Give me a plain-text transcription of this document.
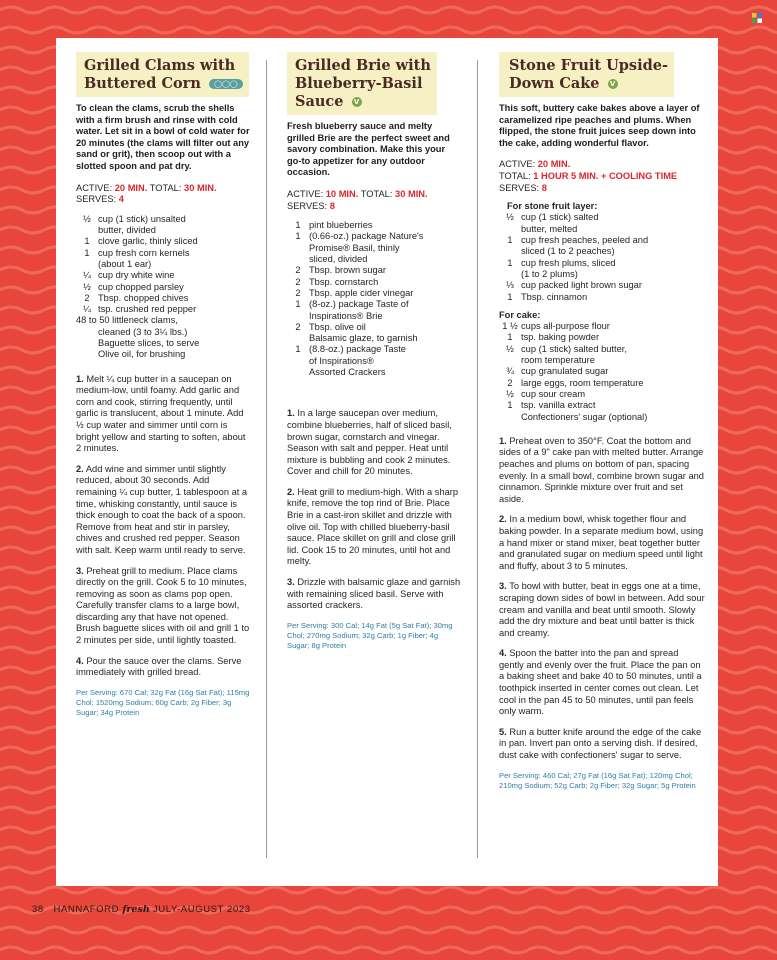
Grilled Clams with
Buttered Corn ◯◯◯
To clean the clams, scrub the shells with a firm brush and rinse with cold water. Let sit in a bowl of cold water for 20 minutes (the clams will filter out any sand or grit), then scoop out with a slotted spoon and pat dry.
ACTIVE: 20 MIN. TOTAL: 30 MIN.
SERVES: 4
½ cup (1 stick) unsalted
butter, divided
1 clove garlic, thinly sliced
1 cup fresh corn kernels
(about 1 ear)
¼ cup dry white wine
½ cup chopped parsley
2 Tbsp. chopped chives
¼ tsp. crushed red pepper
48 to 50 littleneck clams,
cleaned (3 to 3¼ lbs.)
Baguette slices, to serve
Olive oil, for brushing
1. Melt ¼ cup butter in a saucepan on medium-low, until foamy. Add garlic and corn and cook, stirring frequently, until garlic is translucent, about 1 minute. Add ½ cup water and simmer until corn is bright yellow and starting to soften, about 2 minutes.
2. Add wine and simmer until slightly reduced, about 30 seconds. Add remaining ¼ cup butter, 1 tablespoon at a time, whisking constantly, until sauce is thick enough to coat the back of a spoon. Remove from heat and stir in parsley, chives and crushed red pepper. Season with salt. Keep warm until ready to serve.
3. Preheat grill to medium. Place clams directly on the grill. Cook 5 to 10 minutes, removing as soon as clams pop open. Carefully transfer clams to a large bowl, discarding any that have not opened. Brush baguette slices with oil and grill 1 to 2 minutes per side, until lightly toasted.
4. Pour the sauce over the clams. Serve immediately with grilled bread.
Per Serving: 670 Cal; 32g Fat (16g Sat Fat); 115mg Chol; 1520mg Sodium; 60g Carb; 2g Fiber; 3g Sugar; 34g Protein
Grilled Brie with
Blueberry-Basil
Sauce V
Fresh blueberry sauce and melty grilled Brie are the perfect sweet and savory combination. Make this your go-to appetizer for any outdoor occasion.
ACTIVE: 10 MIN. TOTAL: 30 MIN.
SERVES: 8
1 pint blueberries
1 (0.66-oz.) package Nature's
Promise® Basil, thinly
sliced, divided
2 Tbsp. brown sugar
2 Tbsp. cornstarch
2 Tbsp. apple cider vinegar
1 (8-oz.) package Taste of
Inspirations® Brie
2 Tbsp. olive oil
Balsamic glaze, to garnish
1 (8.8-oz.) package Taste
of Inspirations®
Assorted Crackers
1. In a large saucepan over medium, combine blueberries, half of sliced basil, brown sugar, cornstarch and vinegar. Season with salt and pepper. Heat until mixture is bubbling and cook 2 minutes. Cover and chill for 20 minutes.
2. Heat grill to medium-high. With a sharp knife, remove the top rind of Brie. Place Brie in a cast-iron skillet and drizzle with olive oil. Top with chilled blueberry-basil sauce. Place skillet on grill and close grill lid. Cook 15 to 20 minutes, until hot and melty.
3. Drizzle with balsamic glaze and garnish with remaining sliced basil. Serve with assorted crackers.
Per Serving: 300 Cal; 14g Fat (5g Sat Fat); 30mg Chol; 270mg Sodium; 32g Carb; 1g Fiber; 4g Sugar; 8g Protein
Stone Fruit Upside-
Down Cake V
This soft, buttery cake bakes above a layer of caramelized ripe peaches and plums. When flipped, the stone fruit juices seep down into the cake, adding wonderful flavor.
ACTIVE: 20 MIN.
TOTAL: 1 HOUR 5 MIN. + COOLING TIME
SERVES: 8
For stone fruit layer:
½ cup (1 stick) salted
butter, melted
1 cup fresh peaches, peeled and
sliced (1 to 2 peaches)
1 cup fresh plums, sliced
(1 to 2 plums)
⅓ cup packed light brown sugar
1 Tbsp. cinnamon
For cake:
1 ½ cups all-purpose flour
1 tsp. baking powder
½ cup (1 stick) salted butter,
room temperature
¾ cup granulated sugar
2 large eggs, room temperature
½ cup sour cream
1 tsp. vanilla extract
Confectioners' sugar (optional)
1. Preheat oven to 350°F. Coat the bottom and sides of a 9" cake pan with melted butter. Arrange peaches and plums on bottom of pan, spacing evenly. In a small bowl, combine brown sugar and cinnamon. Sprinkle mixture over fruit and set aside.
2. In a medium bowl, whisk together flour and baking powder. In a separate medium bowl, using a hand mixer or stand mixer, beat together butter and granulated sugar on medium speed until light and fluffy, about 3 to 5 minutes.
3. To bowl with butter, beat in eggs one at a time, scraping down sides of bowl in between. Add sour cream and vanilla and beat until smooth. Slowly add the dry mixture and beat until batter is thick and creamy.
4. Spoon the batter into the pan and spread gently and evenly over the fruit. Place the pan on a baking sheet and bake 40 to 50 minutes, until a toothpick inserted in center comes out clean. Let cool in the pan 45 to 50 minutes, until pan feels only warm.
5. Run a butter knife around the edge of the cake in pan. Invert pan onto a serving dish. If desired, dust cake with confectioners' sugar to serve.
Per Serving: 460 Cal; 27g Fat (16g Sat Fat); 120mg Chol; 210mg Sodium; 52g Carb; 2g Fiber; 32g Sugar; 5g Protein
38 HANNAFORD fresh JULY-AUGUST 2023
